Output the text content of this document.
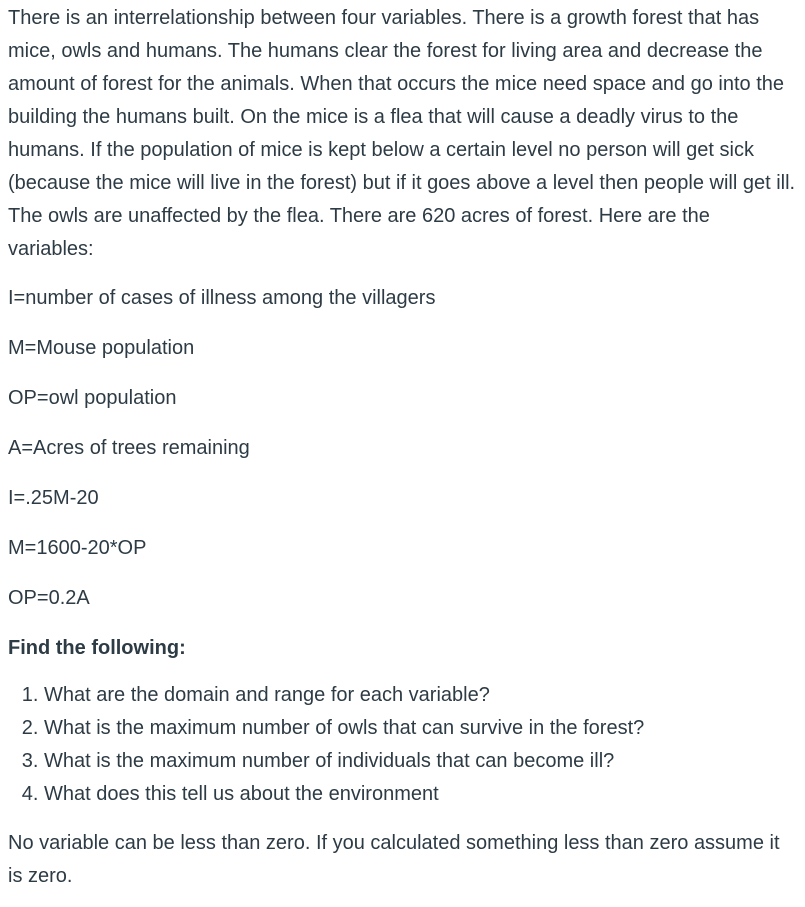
There is an interrelationship between four variables. There is a growth forest that has mice, owls and humans. The humans clear the forest for living area and decrease the amount of forest for the animals. When that occurs the mice need space and go into the building the humans built. On the mice is a flea that will cause a deadly virus to the humans. If the population of mice is kept below a certain level no person will get sick (because the mice will live in the forest) but if it goes above a level then people will get ill. The owls are unaffected by the flea. There are 620 acres of forest. Here are the variables:

I=number of cases of illness among the villagers

M=Mouse population

OP=owl population

A=Acres of trees remaining

I=.25M-20

M=1600-20*OP

OP=0.2A

Find the following:

1. What are the domain and range for each variable?
2. What is the maximum number of owls that can survive in the forest?
3. What is the maximum number of individuals that can become ill?
4. What does this tell us about the environment

No variable can be less than zero. If you calculated something less than zero assume it is zero.
